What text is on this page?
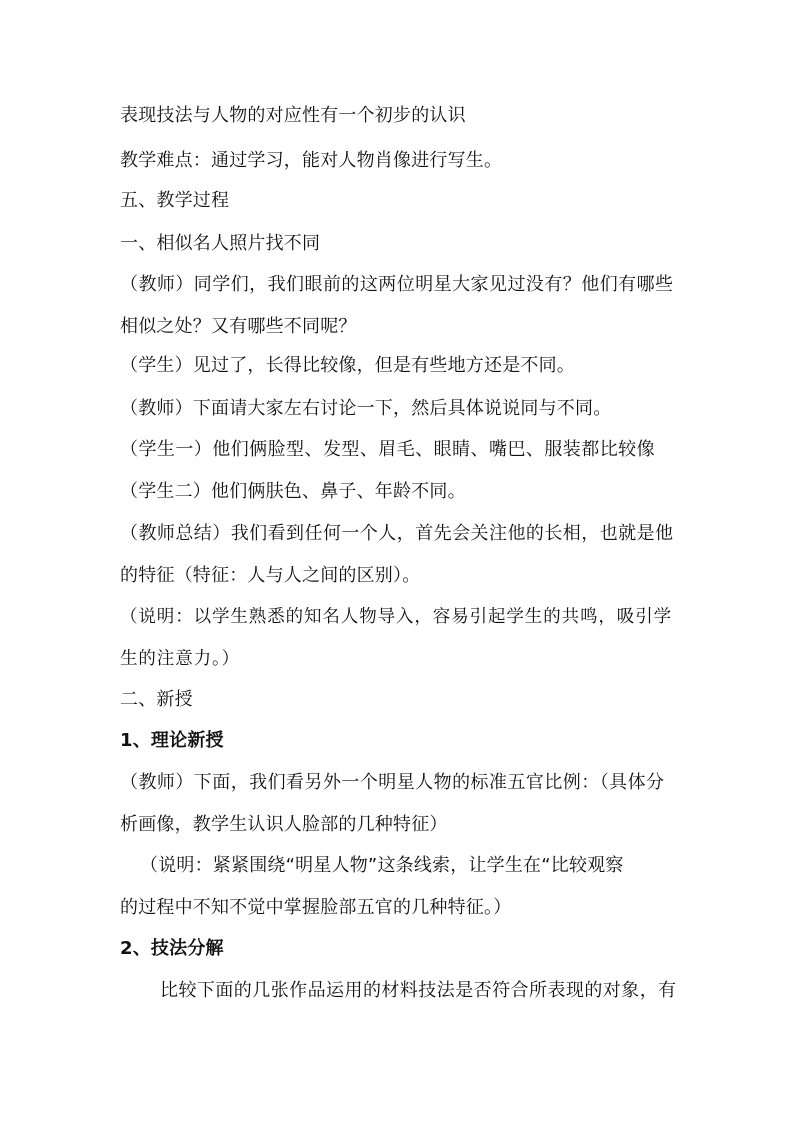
表现技法与人物的对应性有一个初步的认识
教学难点：通过学习，能对人物肖像进行写生。
五、教学过程
一、相似名人照片找不同
（教师）同学们，我们眼前的这两位明星大家见过没有？他们有哪些
相似之处？又有哪些不同呢？
（学生）见过了，长得比较像，但是有些地方还是不同。
（教师）下面请大家左右讨论一下，然后具体说说同与不同。
（学生一）他们俩脸型、发型、眉毛、眼睛、嘴巴、服装都比较像
（学生二）他们俩肤色、鼻子、年龄不同。
（教师总结）我们看到任何一个人，首先会关注他的长相，也就是他
的特征（特征：人与人之间的区别）。
（说明：以学生熟悉的知名人物导入，容易引起学生的共鸣，吸引学
生的注意力。）
二、新授
1、理论新授
（教师）下面，我们看另外一个明星人物的标准五官比例：（具体分
析画像，教学生认识人脸部的几种特征）
（说明：紧紧围绕“明星人物”这条线索，让学生在“比较观察
的过程中不知不觉中掌握脸部五官的几种特征。）
2、技法分解
比较下面的几张作品运用的材料技法是否符合所表现的对象，有
